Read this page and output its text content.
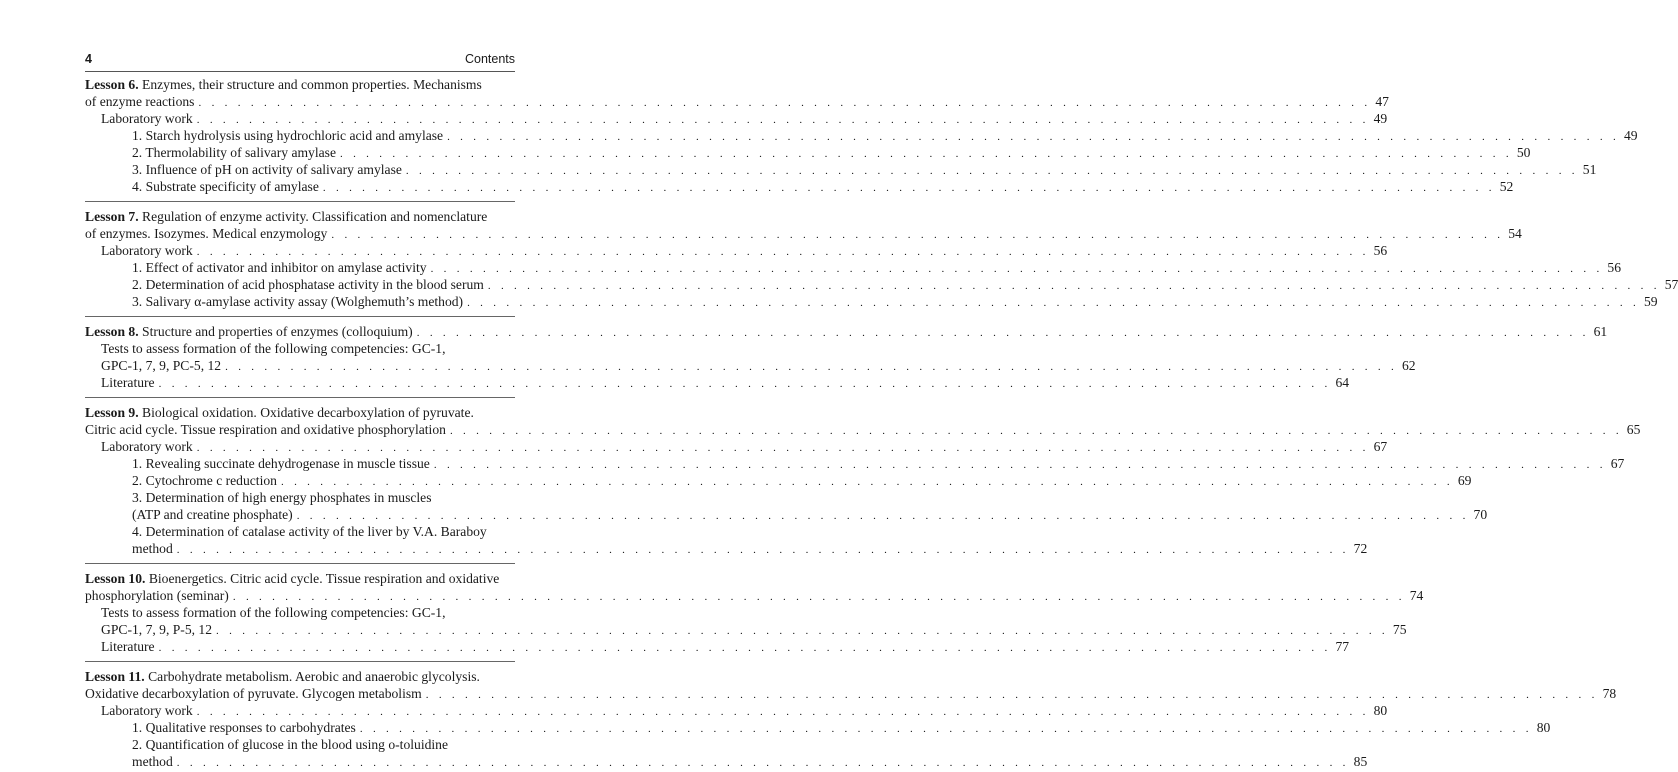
4	Contents
Lesson 6. Enzymes, their structure and common properties. Mechanisms
of enzyme reactions . . . . . . . . . . . . . . . . . . . . . . . . . . . . . . . . . . . . . . . . . . . . . . . . . . . . . . . . . . . . . . . . . . . . . . . . . . . . . . . . . . . . . . . . . . 47
Laboratory work . . . . . . . . . . . . . . . . . . . . . . . . . . . . . . . . . . . . . . . . . . . . . . . . . . . . . . . . . . . . . . . . . . . . . . . . . . . . . . . . . . . . . . . . . . 49
1. Starch hydrolysis using hydrochloric acid and amylase . . . . . . . . . . . . . . . . . . . . . . . . . . . . . . . . . . . . . . . . . . . . . . . . . . . . . . . . . . . . . . . . . . . . . . . . . . . . . . . . . . . . . . . . . . 49
2. Thermolability of salivary amylase . . . . . . . . . . . . . . . . . . . . . . . . . . . . . . . . . . . . . . . . . . . . . . . . . . . . . . . . . . . . . . . . . . . . . . . . . . . . . . . . . . . . . . . . . . 50
3. Influence of pH on activity of salivary amylase . . . . . . . . . . . . . . . . . . . . . . . . . . . . . . . . . . . . . . . . . . . . . . . . . . . . . . . . . . . . . . . . . . . . . . . . . . . . . . . . . . . . . . . . . . 51
4. Substrate specificity of amylase . . . . . . . . . . . . . . . . . . . . . . . . . . . . . . . . . . . . . . . . . . . . . . . . . . . . . . . . . . . . . . . . . . . . . . . . . . . . . . . . . . . . . . . . . . 52
Lesson 7. Regulation of enzyme activity. Classification and nomenclature
of enzymes. Isozymes. Medical enzymology . . . . . . . . . . . . . . . . . . . . . . . . . . . . . . . . . . . . . . . . . . . . . . . . . . . . . . . . . . . . . . . . . . . . . . . . . . . . . . . . . . . . . . . . . . 54
Laboratory work . . . . . . . . . . . . . . . . . . . . . . . . . . . . . . . . . . . . . . . . . . . . . . . . . . . . . . . . . . . . . . . . . . . . . . . . . . . . . . . . . . . . . . . . . . 56
1. Effect of activator and inhibitor on amylase activity . . . . . . . . . . . . . . . . . . . . . . . . . . . . . . . . . . . . . . . . . . . . . . . . . . . . . . . . . . . . . . . . . . . . . . . . . . . . . . . . . . . . . . . . . . 56
2. Determination of acid phosphatase activity in the blood serum . . . . . . . . . . . . . . . . . . . . . . . . . . . . . . . . . . . . . . . . . . . . . . . . . . . . . . . . . . . . . . . . . . . . . . . . . . . . . . . . . . . . . . . . . . 57
3. Salivary α-amylase activity assay (Wolghemuth’s method) . . . . . . . . . . . . . . . . . . . . . . . . . . . . . . . . . . . . . . . . . . . . . . . . . . . . . . . . . . . . . . . . . . . . . . . . . . . . . . . . . . . . . . . . . . 59
Lesson 8. Structure and properties of enzymes (colloquium) . . . . . . . . . . . . . . . . . . . . . . . . . . . . . . . . . . . . . . . . . . . . . . . . . . . . . . . . . . . . . . . . . . . . . . . . . . . . . . . . . . . . . . . . . . 61
Tests to assess formation of the following competencies: GC-1,
GPC-1, 7, 9, PC-5, 12 . . . . . . . . . . . . . . . . . . . . . . . . . . . . . . . . . . . . . . . . . . . . . . . . . . . . . . . . . . . . . . . . . . . . . . . . . . . . . . . . . . . . . . . . . . 62
Literature . . . . . . . . . . . . . . . . . . . . . . . . . . . . . . . . . . . . . . . . . . . . . . . . . . . . . . . . . . . . . . . . . . . . . . . . . . . . . . . . . . . . . . . . . . 64
Lesson 9. Biological oxidation. Oxidative decarboxylation of pyruvate.
Citric acid cycle. Tissue respiration and oxidative phosphorylation . . . . . . . . . . . . . . . . . . . . . . . . . . . . . . . . . . . . . . . . . . . . . . . . . . . . . . . . . . . . . . . . . . . . . . . . . . . . . . . . . . . . . . . . . . 65
Laboratory work . . . . . . . . . . . . . . . . . . . . . . . . . . . . . . . . . . . . . . . . . . . . . . . . . . . . . . . . . . . . . . . . . . . . . . . . . . . . . . . . . . . . . . . . . . 67
1. Revealing succinate dehydrogenase in muscle tissue . . . . . . . . . . . . . . . . . . . . . . . . . . . . . . . . . . . . . . . . . . . . . . . . . . . . . . . . . . . . . . . . . . . . . . . . . . . . . . . . . . . . . . . . . . 67
2. Cytochrome c reduction . . . . . . . . . . . . . . . . . . . . . . . . . . . . . . . . . . . . . . . . . . . . . . . . . . . . . . . . . . . . . . . . . . . . . . . . . . . . . . . . . . . . . . . . . . 69
3. Determination of high energy phosphates in muscles
(ATP and creatine phosphate) . . . . . . . . . . . . . . . . . . . . . . . . . . . . . . . . . . . . . . . . . . . . . . . . . . . . . . . . . . . . . . . . . . . . . . . . . . . . . . . . . . . . . . . . . . 70
4. Determination of catalase activity of the liver by V.A. Baraboy
method . . . . . . . . . . . . . . . . . . . . . . . . . . . . . . . . . . . . . . . . . . . . . . . . . . . . . . . . . . . . . . . . . . . . . . . . . . . . . . . . . . . . . . . . . . 72
Lesson 10. Bioenergetics. Citric acid cycle. Tissue respiration and oxidative
phosphorylation (seminar) . . . . . . . . . . . . . . . . . . . . . . . . . . . . . . . . . . . . . . . . . . . . . . . . . . . . . . . . . . . . . . . . . . . . . . . . . . . . . . . . . . . . . . . . . . 74
Tests to assess formation of the following competencies: GC-1,
GPC-1, 7, 9, P-5, 12 . . . . . . . . . . . . . . . . . . . . . . . . . . . . . . . . . . . . . . . . . . . . . . . . . . . . . . . . . . . . . . . . . . . . . . . . . . . . . . . . . . . . . . . . . . 75
Literature . . . . . . . . . . . . . . . . . . . . . . . . . . . . . . . . . . . . . . . . . . . . . . . . . . . . . . . . . . . . . . . . . . . . . . . . . . . . . . . . . . . . . . . . . . 77
Lesson 11. Carbohydrate metabolism. Aerobic and anaerobic glycolysis.
Oxidative decarboxylation of pyruvate. Glycogen metabolism . . . . . . . . . . . . . . . . . . . . . . . . . . . . . . . . . . . . . . . . . . . . . . . . . . . . . . . . . . . . . . . . . . . . . . . . . . . . . . . . . . . . . . . . . . 78
Laboratory work . . . . . . . . . . . . . . . . . . . . . . . . . . . . . . . . . . . . . . . . . . . . . . . . . . . . . . . . . . . . . . . . . . . . . . . . . . . . . . . . . . . . . . . . . . 80
1. Qualitative responses to carbohydrates . . . . . . . . . . . . . . . . . . . . . . . . . . . . . . . . . . . . . . . . . . . . . . . . . . . . . . . . . . . . . . . . . . . . . . . . . . . . . . . . . . . . . . . . . . 80
2. Quantification of glucose in the blood using o-toluidine
method . . . . . . . . . . . . . . . . . . . . . . . . . . . . . . . . . . . . . . . . . . . . . . . . . . . . . . . . . . . . . . . . . . . . . . . . . . . . . . . . . . . . . . . . . . 85
